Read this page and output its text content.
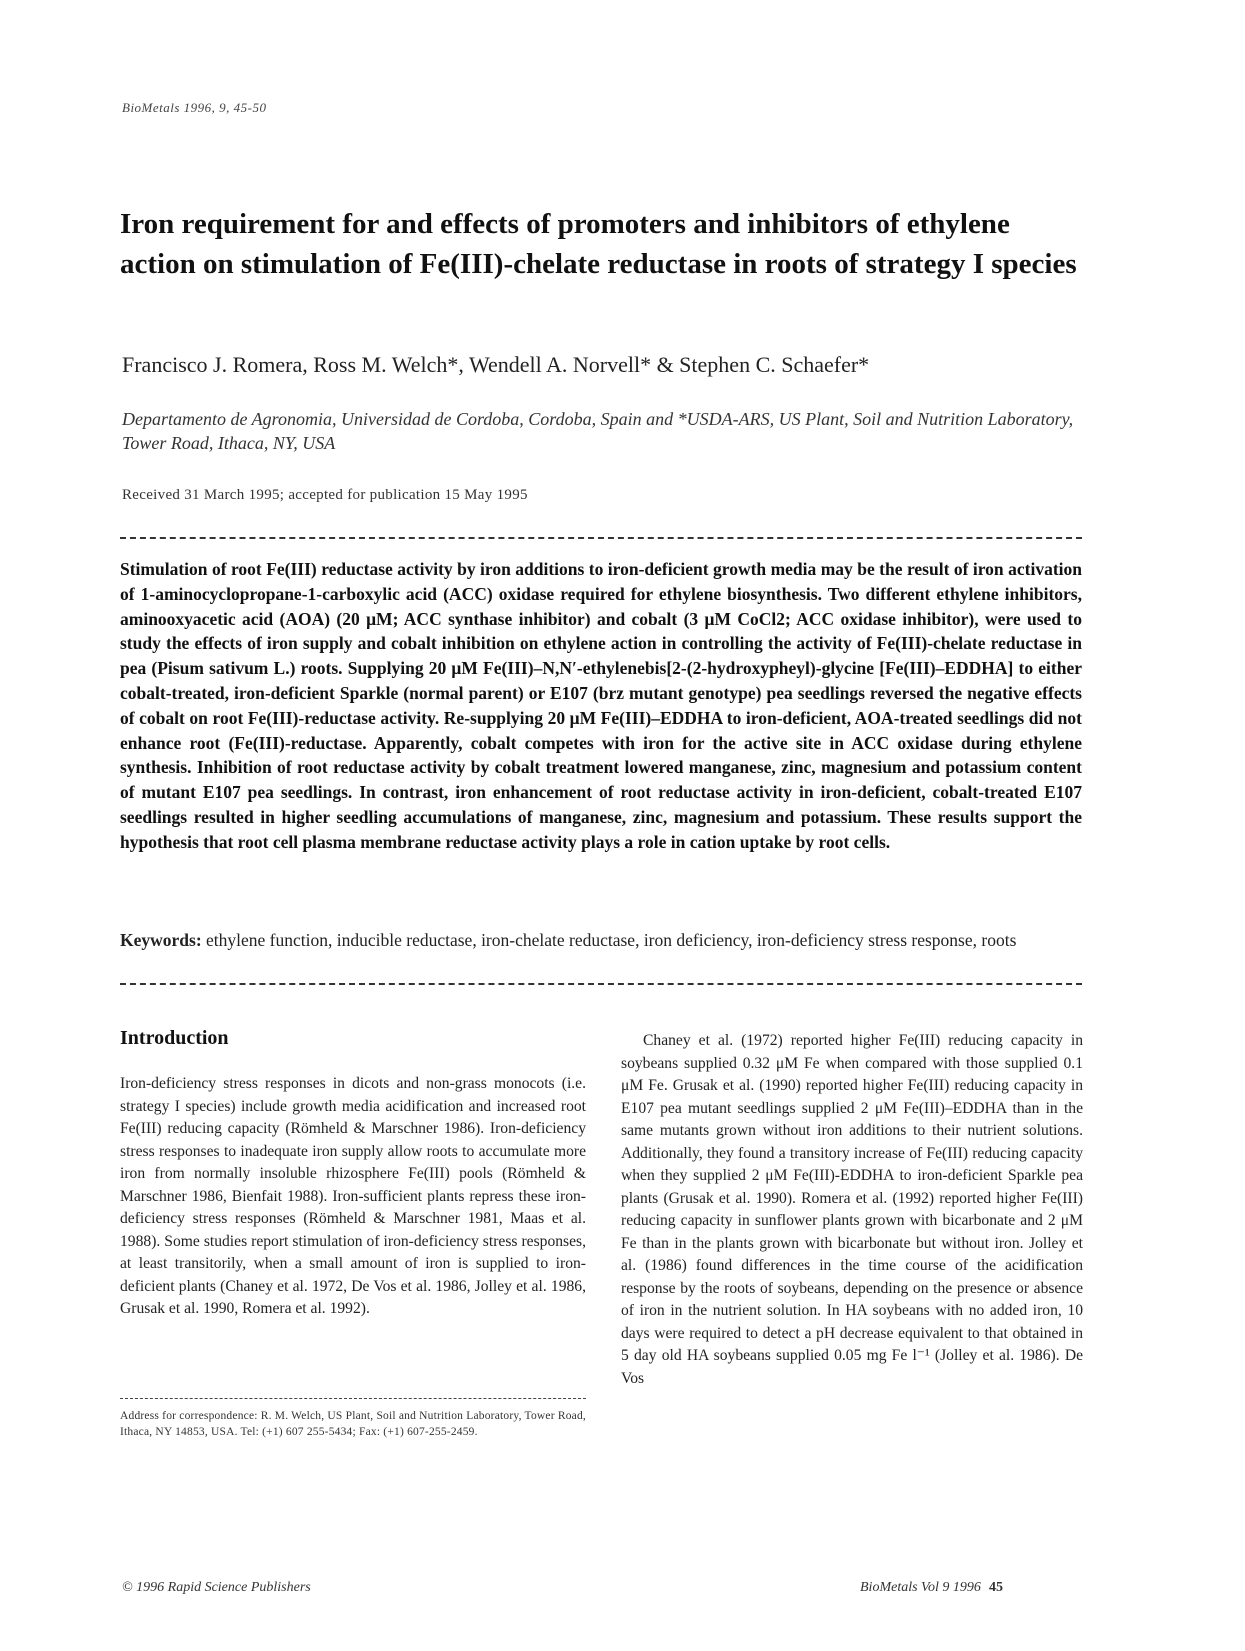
BioMetals 1996, 9, 45-50
Iron requirement for and effects of promoters and inhibitors of ethylene action on stimulation of Fe(III)-chelate reductase in roots of strategy I species
Francisco J. Romera, Ross M. Welch*, Wendell A. Norvell* & Stephen C. Schaefer*
Departamento de Agronomia, Universidad de Cordoba, Cordoba, Spain and *USDA-ARS, US Plant, Soil and Nutrition Laboratory, Tower Road, Ithaca, NY, USA
Received 31 March 1995; accepted for publication 15 May 1995
Stimulation of root Fe(III) reductase activity by iron additions to iron-deficient growth media may be the result of iron activation of 1-aminocyclopropane-1-carboxylic acid (ACC) oxidase required for ethylene biosynthesis. Two different ethylene inhibitors, aminooxyacetic acid (AOA) (20 μM; ACC synthase inhibitor) and cobalt (3 μM CoCl2; ACC oxidase inhibitor), were used to study the effects of iron supply and cobalt inhibition on ethylene action in controlling the activity of Fe(III)-chelate reductase in pea (Pisum sativum L.) roots. Supplying 20 μM Fe(III)–N,N′-ethylenebis[2-(2-hydroxypheyl)-glycine [Fe(III)–EDDHA] to either cobalt-treated, iron-deficient Sparkle (normal parent) or E107 (brz mutant genotype) pea seedlings reversed the negative effects of cobalt on root Fe(III)-reductase activity. Re-supplying 20 μM Fe(III)–EDDHA to iron-deficient, AOA-treated seedlings did not enhance root (Fe(III)-reductase. Apparently, cobalt competes with iron for the active site in ACC oxidase during ethylene synthesis. Inhibition of root reductase activity by cobalt treatment lowered manganese, zinc, magnesium and potassium content of mutant E107 pea seedlings. In contrast, iron enhancement of root reductase activity in iron-deficient, cobalt-treated E107 seedlings resulted in higher seedling accumulations of manganese, zinc, magnesium and potassium. These results support the hypothesis that root cell plasma membrane reductase activity plays a role in cation uptake by root cells.
Keywords: ethylene function, inducible reductase, iron-chelate reductase, iron deficiency, iron-deficiency stress response, roots
Introduction

Iron-deficiency stress responses in dicots and non-grass monocots (i.e. strategy I species) include growth media acidification and increased root Fe(III) reducing capacity (Römheld & Marschner 1986). Iron-deficiency stress responses to inadequate iron supply allow roots to accumulate more iron from normally insoluble rhizosphere Fe(III) pools (Römheld & Marschner 1986, Bienfait 1988). Iron-sufficient plants repress these iron-deficiency stress responses (Römheld & Marschner 1981, Maas et al. 1988). Some studies report stimulation of iron-deficiency stress responses, at least transitorily, when a small amount of iron is supplied to iron-deficient plants (Chaney et al. 1972, De Vos et al. 1986, Jolley et al. 1986, Grusak et al. 1990, Romera et al. 1992).

Address for correspondence: R. M. Welch, US Plant, Soil and Nutrition Laboratory, Tower Road, Ithaca, NY 14853, USA. Tel: (+1) 607 255-5434; Fax: (+1) 607-255-2459.

Chaney et al. (1972) reported higher Fe(III) reducing capacity in soybeans supplied 0.32 μM Fe when compared with those supplied 0.1 μM Fe. Grusak et al. (1990) reported higher Fe(III) reducing capacity in E107 pea mutant seedlings supplied 2 μM Fe(III)–EDDHA than in the same mutants grown without iron additions to their nutrient solutions. Additionally, they found a transitory increase of Fe(III) reducing capacity when they supplied 2 μM Fe(III)-EDDHA to iron-deficient Sparkle pea plants (Grusak et al. 1990). Romera et al. (1992) reported higher Fe(III) reducing capacity in sunflower plants grown with bicarbonate and 2 μM Fe than in the plants grown with bicarbonate but without iron. Jolley et al. (1986) found differences in the time course of the acidification response by the roots of soybeans, depending on the presence or absence of iron in the nutrient solution. In HA soybeans with no added iron, 10 days were required to detect a pH decrease equivalent to that obtained in 5 day old HA soybeans supplied 0.05 mg Fe l⁻¹ (Jolley et al. 1986). De Vos

© 1996 Rapid Science Publishers	BioMetals Vol 9 1996 45
